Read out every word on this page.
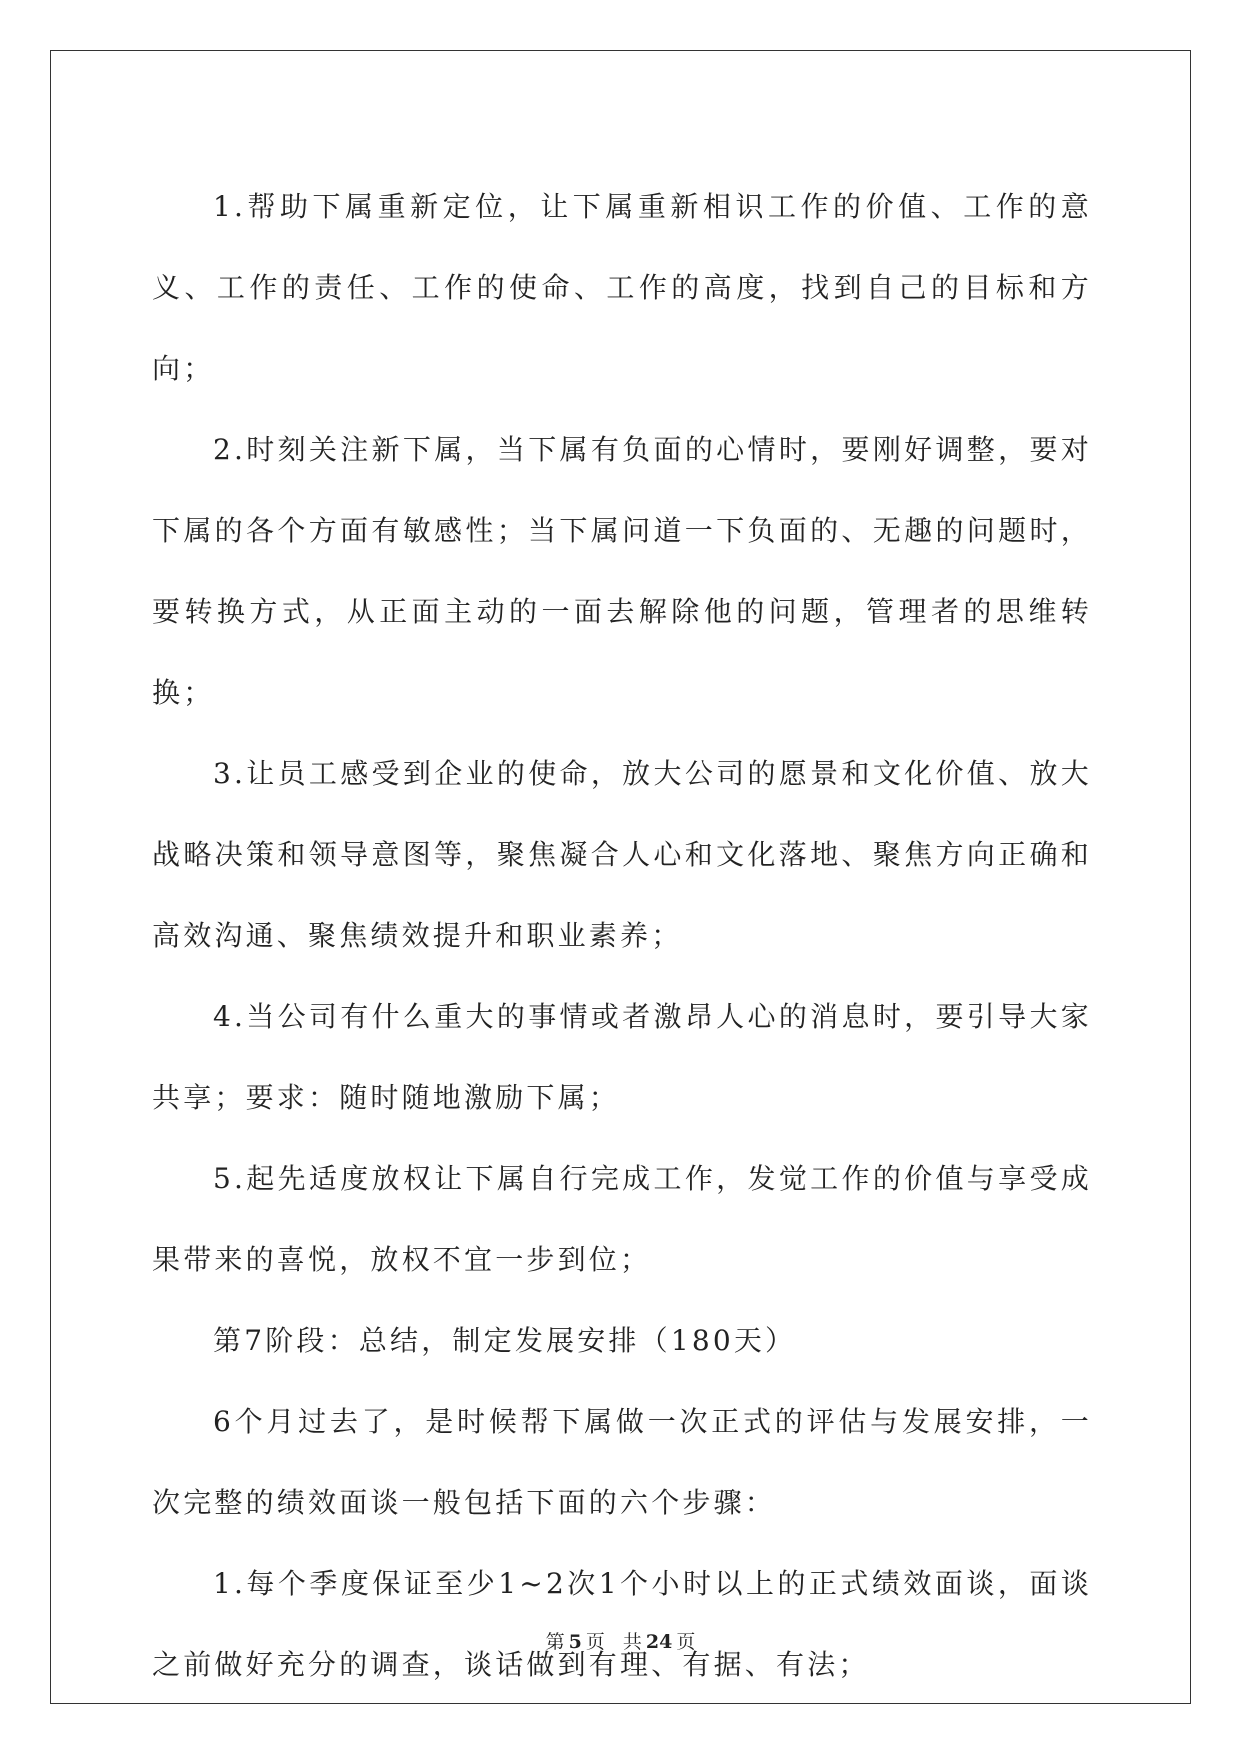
1.帮助下属重新定位，让下属重新相识工作的价值、工作的意义、工作的责任、工作的使命、工作的高度，找到自己的目标和方向；

2.时刻关注新下属，当下属有负面的心情时，要刚好调整，要对下属的各个方面有敏感性；当下属问道一下负面的、无趣的问题时，要转换方式，从正面主动的一面去解除他的问题，管理者的思维转换；

3.让员工感受到企业的使命，放大公司的愿景和文化价值、放大战略决策和领导意图等，聚焦凝合人心和文化落地、聚焦方向正确和高效沟通、聚焦绩效提升和职业素养；

4.当公司有什么重大的事情或者激昂人心的消息时，要引导大家共享；要求：随时随地激励下属；

5.起先适度放权让下属自行完成工作，发觉工作的价值与享受成果带来的喜悦，放权不宜一步到位；

第7阶段：总结，制定发展安排（180天）

6个月过去了，是时候帮下属做一次正式的评估与发展安排，一次完整的绩效面谈一般包括下面的六个步骤：

1.每个季度保证至少1~2次1个小时以上的正式绩效面谈，面谈之前做好充分的调查，谈话做到有理、有据、有法；

第 5 页 共 24 页
